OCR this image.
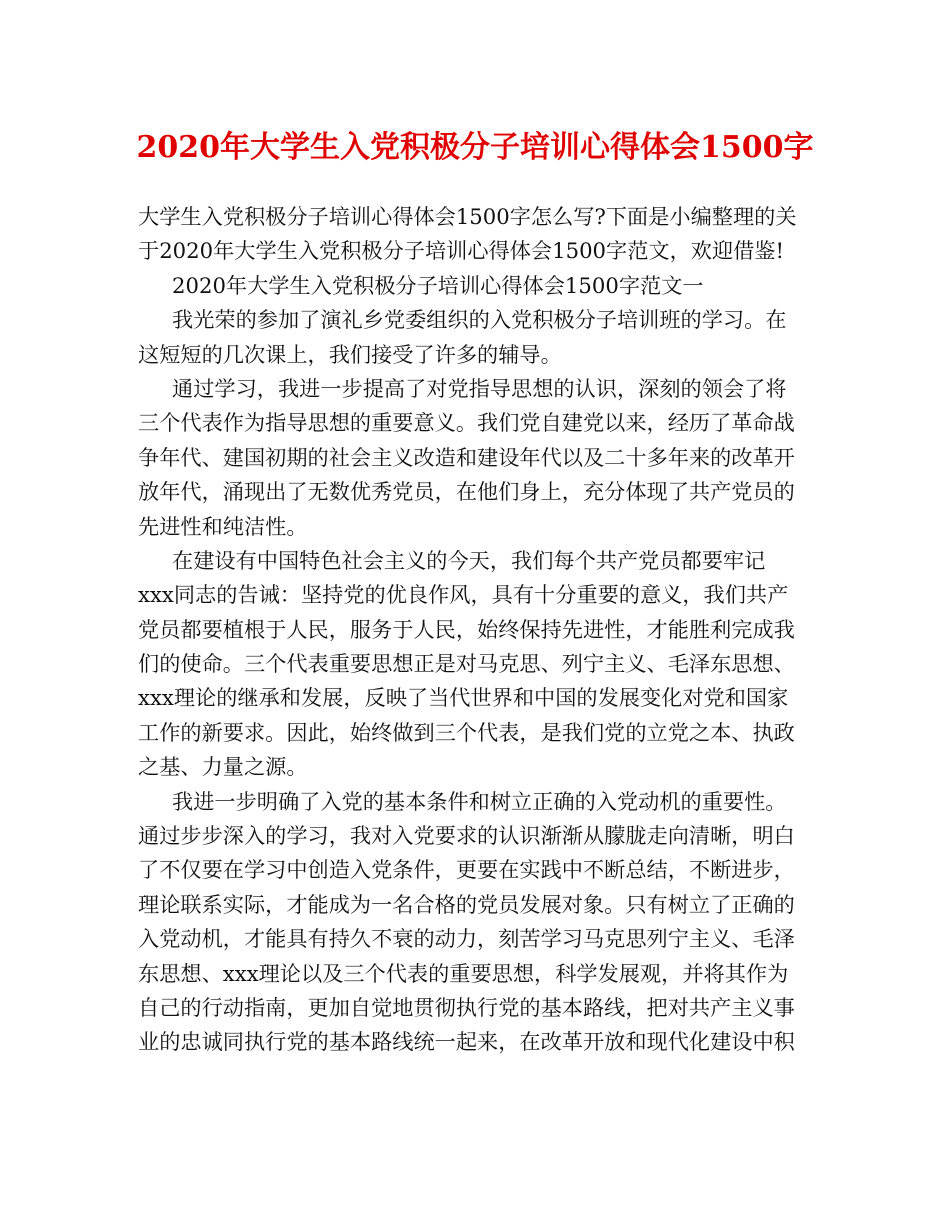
2020年大学生入党积极分子培训心得体会1500字
大学生入党积极分子培训心得体会1500字怎么写?下面是小编整理的关
于2020年大学生入党积极分子培训心得体会1500字范文，欢迎借鉴!
2020年大学生入党积极分子培训心得体会1500字范文一
我光荣的参加了演礼乡党委组织的入党积极分子培训班的学习。在
这短短的几次课上，我们接受了许多的辅导。
通过学习，我进一步提高了对党指导思想的认识，深刻的领会了将
三个代表作为指导思想的重要意义。我们党自建党以来，经历了革命战
争年代、建国初期的社会主义改造和建设年代以及二十多年来的改革开
放年代，涌现出了无数优秀党员，在他们身上，充分体现了共产党员的
先进性和纯洁性。
在建设有中国特色社会主义的今天，我们每个共产党员都要牢记
xxx同志的告诫：坚持党的优良作风，具有十分重要的意义，我们共产
党员都要植根于人民，服务于人民，始终保持先进性，才能胜利完成我
们的使命。三个代表重要思想正是对马克思、列宁主义、毛泽东思想、
xxx理论的继承和发展，反映了当代世界和中国的发展变化对党和国家
工作的新要求。因此，始终做到三个代表，是我们党的立党之本、执政
之基、力量之源。
我进一步明确了入党的基本条件和树立正确的入党动机的重要性。
通过步步深入的学习，我对入党要求的认识渐渐从朦胧走向清晰，明白
了不仅要在学习中创造入党条件，更要在实践中不断总结，不断进步，
理论联系实际，才能成为一名合格的党员发展对象。只有树立了正确的
入党动机，才能具有持久不衰的动力，刻苦学习马克思列宁主义、毛泽
东思想、xxx理论以及三个代表的重要思想，科学发展观，并将其作为
自己的行动指南，更加自觉地贯彻执行党的基本路线，把对共产主义事
业的忠诚同执行党的基本路线统一起来，在改革开放和现代化建设中积
